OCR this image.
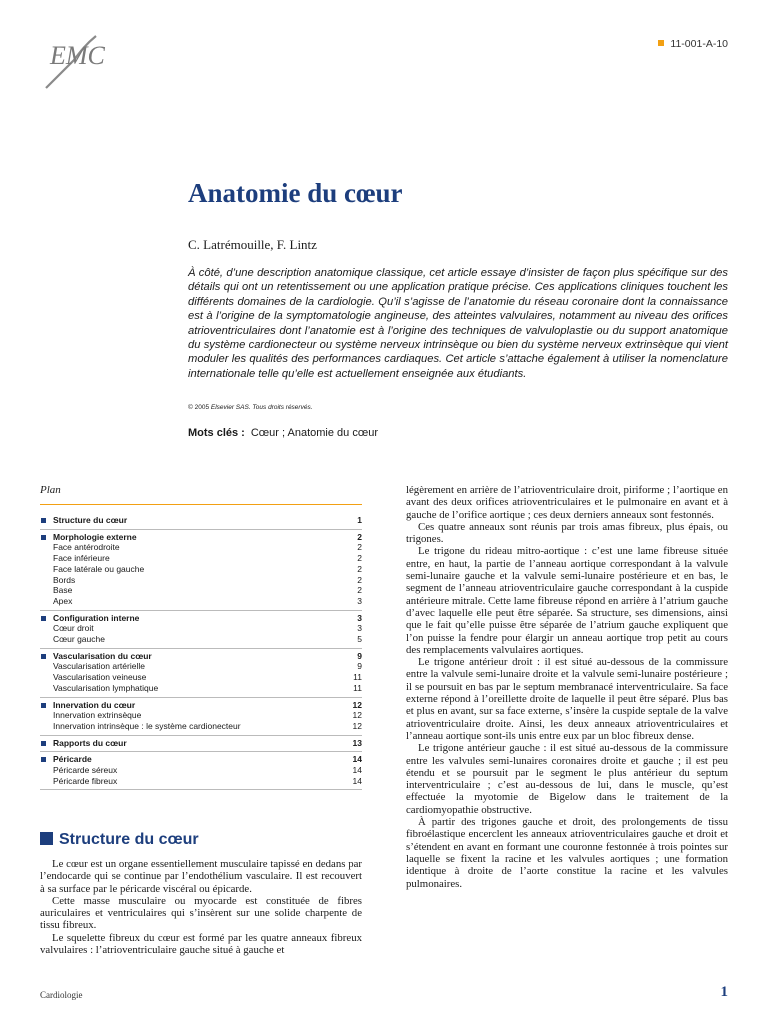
EMC	11-001-A-10
Anatomie du cœur
C. Latrémouille, F. Lintz

À côté, d’une description anatomique classique, cet article essaye d’insister de façon plus spécifique sur des détails qui ont un retentissement ou une application pratique précise. Ces applications cliniques touchent les différents domaines de la cardiologie. Qu’il s’agisse de l’anatomie du réseau coronaire dont la connaissance est à l’origine de la symptomatologie angineuse, des atteintes valvulaires, notamment au niveau des orifices atrioventriculaires dont l’anatomie est à l’origine des techniques de valvuloplastie ou du support anatomique du système cardionecteur ou système nerveux intrinsèque ou bien du système nerveux extrinsèque qui vient moduler les qualités des performances cardiaques. Cet article s’attache également à utiliser la nomenclature internationale telle qu’elle est actuellement enseignée aux étudiants.

© 2005 Elsevier SAS. Tous droits réservés.
Mots clés : Cœur ; Anatomie du cœur
Plan
Structure du cœur	1
Morphologie externe	2
Face antérodroite	2
Face inférieure	2
Face latérale ou gauche	2
Bords	2
Base	2
Apex	3
Configuration interne	3
Cœur droit	3
Cœur gauche	5
Vascularisation du cœur	9
Vascularisation artérielle	9
Vascularisation veineuse	11
Vascularisation lymphatique	11
Innervation du cœur	12
Innervation extrinsèque	12
Innervation intrinsèque : le système cardionecteur	12
Rapports du cœur	13
Péricarde	14
Péricarde séreux	14
Péricarde fibreux	14
Structure du cœur

Le cœur est un organe essentiellement musculaire tapissé en dedans par l’endocarde qui se continue par l’endothélium vasculaire. Il est recouvert à sa surface par le péricarde viscéral ou épicarde.

Cette masse musculaire ou myocarde est constituée de fibres auriculaires et ventriculaires qui s’insèrent sur une solide charpente de tissu fibreux.

Le squelette fibreux du cœur est formé par les quatre anneaux fibreux valvulaires : l’atrioventriculaire gauche situé à gauche et

légèrement en arrière de l’atrioventriculaire droit, piriforme ; l’aortique en avant des deux orifices atrioventriculaires et le pulmonaire en avant et à gauche de l’orifice aortique ; ces deux derniers anneaux sont festonnés.

Ces quatre anneaux sont réunis par trois amas fibreux, plus épais, ou trigones.

Le trigone du rideau mitro-aortique : c’est une lame fibreuse située entre, en haut, la partie de l’anneau aortique correspondant à la valvule semi-lunaire gauche et la valvule semi-lunaire postérieure et en bas, le segment de l’anneau atrioventriculaire gauche correspondant à la cuspide antérieure mitrale. Cette lame fibreuse répond en arrière à l’atrium gauche d’avec laquelle elle peut être séparée. Sa structure, ses dimensions, ainsi que le fait qu’elle puisse être séparée de l’atrium gauche expliquent que l’on puisse la fendre pour élargir un anneau aortique trop petit au cours des remplacements valvulaires aortiques.

Le trigone antérieur droit : il est situé au-dessous de la commissure entre la valvule semi-lunaire droite et la valvule semi-lunaire postérieure ; il se poursuit en bas par le septum membranacé interventriculaire. Sa face externe répond à l’oreillette droite de laquelle il peut être séparé. Plus bas et plus en avant, sur sa face externe, s’insère la cuspide septale de la valve atrioventriculaire droite. Ainsi, les deux anneaux atrioventriculaires et l’anneau aortique sont-ils unis entre eux par un bloc fibreux dense.

Le trigone antérieur gauche : il est situé au-dessous de la commissure entre les valvules semi-lunaires coronaires droite et gauche ; il est peu étendu et se poursuit par le segment le plus antérieur du septum interventriculaire ; c’est au-dessous de lui, dans le muscle, qu’est effectuée la myotomie de Bigelow dans le traitement de la cardiomyopathie obstructive.

À partir des trigones gauche et droit, des prolongements de tissu fibroélastique encerclent les anneaux atrioventriculaires gauche et droit et s’étendent en avant en formant une couronne festonnée à trois pointes sur laquelle se fixent la racine et les valvules aortiques ; une formation identique à droite de l’aorte constitue la racine et les valvules pulmonaires.

Cardiologie	1
